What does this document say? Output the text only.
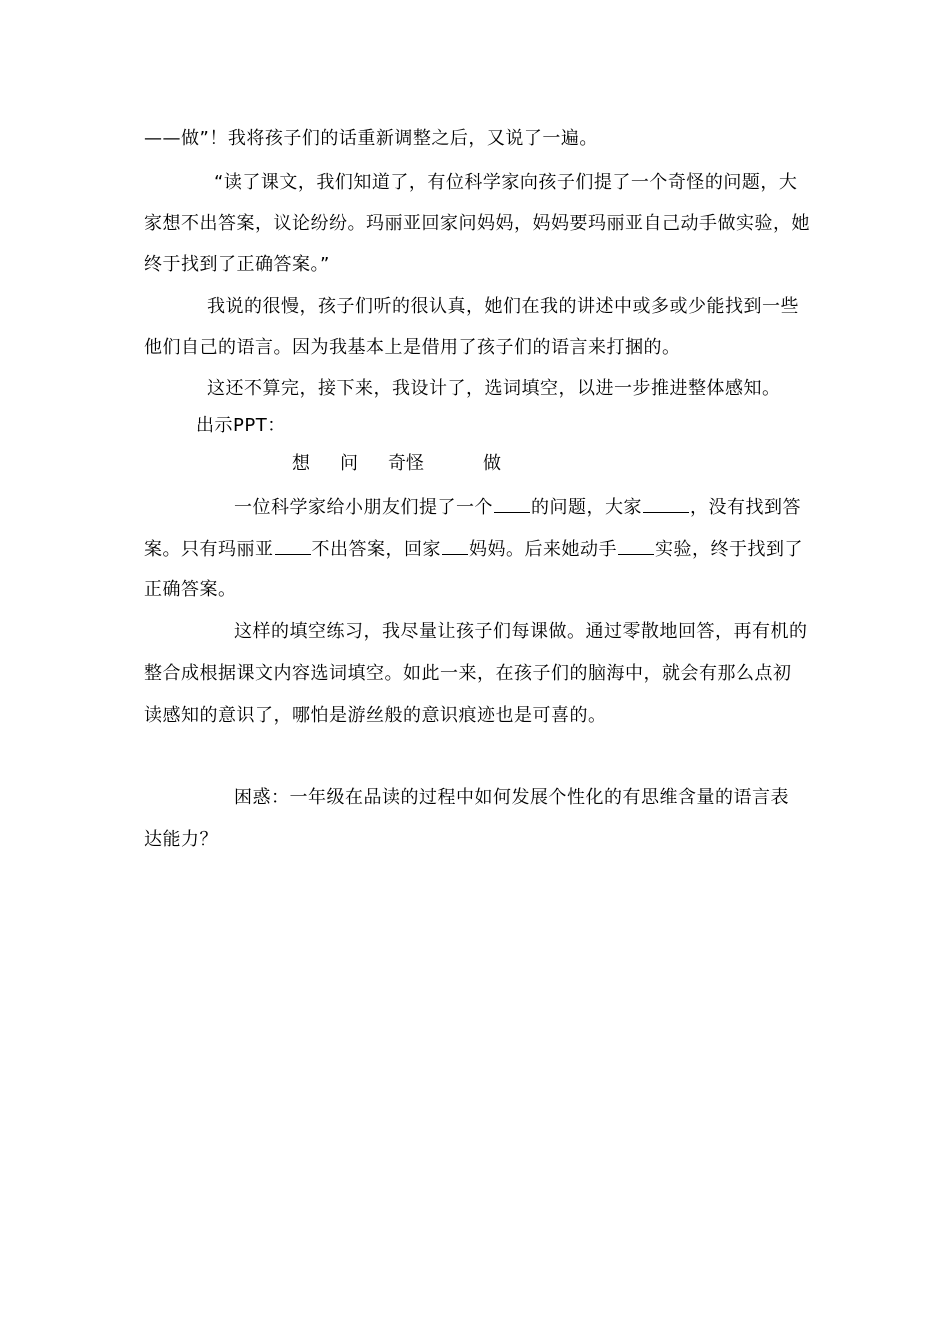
——做”！我将孩子们的话重新调整之后，又说了一遍。
“读了课文，我们知道了，有位科学家向孩子们提了一个奇怪的问题，大
家想不出答案，议论纷纷。玛丽亚回家问妈妈，妈妈要玛丽亚自己动手做实验，她
终于找到了正确答案。”
我说的很慢，孩子们听的很认真，她们在我的讲述中或多或少能找到一些
他们自己的语言。因为我基本上是借用了孩子们的语言来打捆的。
这还不算完，接下来，我设计了，选词填空，以进一步推进整体感知。
出示PPT：
想 问 奇怪	做
一位科学家给小朋友们提了一个 的问题，大家	，没有找到答
案。只有玛丽亚 不出答案，回家 妈妈。后来她动手 实验，终于找到了
正确答案。
这样的填空练习，我尽量让孩子们每课做。通过零散地回答，再有机的
整合成根据课文内容选词填空。如此一来，在孩子们的脑海中，就会有那么点初
读感知的意识了，哪怕是游丝般的意识痕迹也是可喜的。
困惑：一年级在品读的过程中如何发展个性化的有思维含量的语言表
达能力？
